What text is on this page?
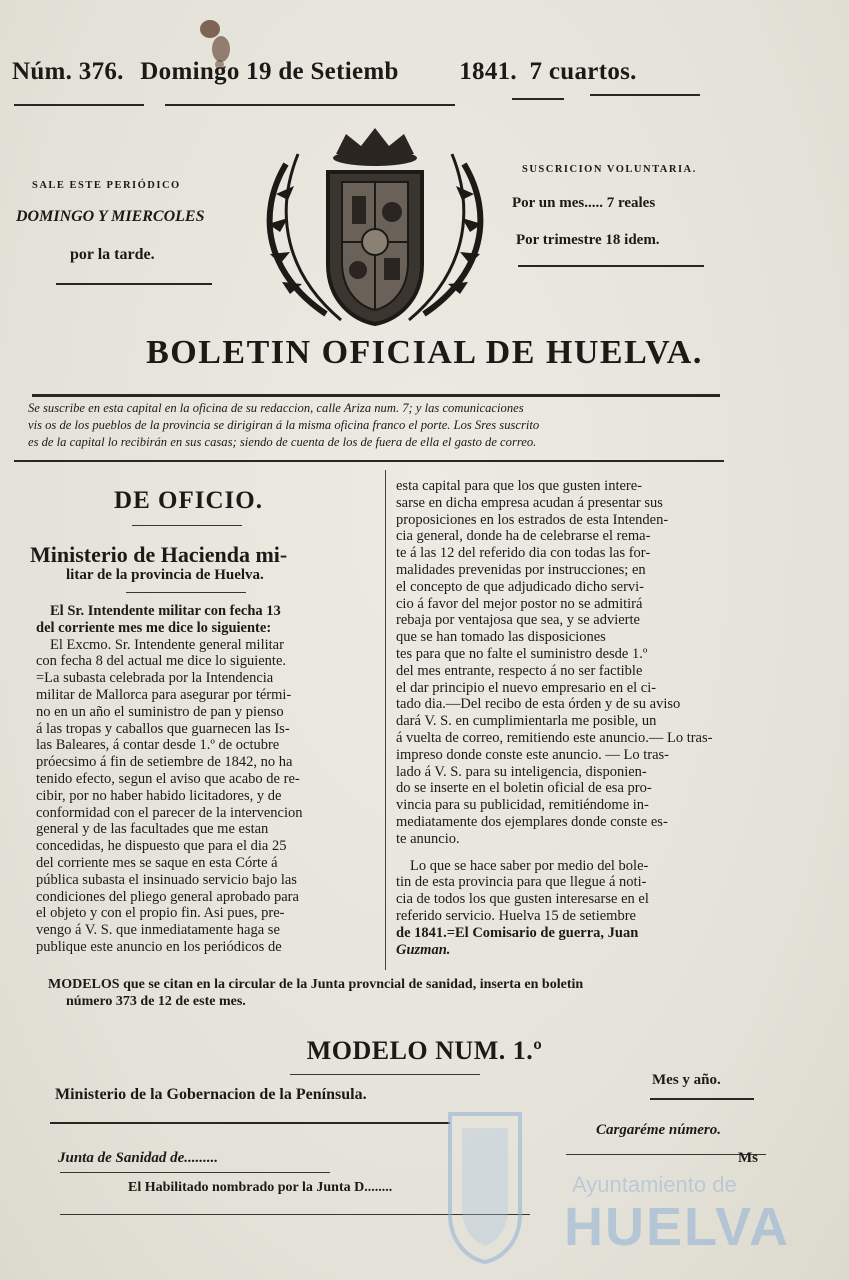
Núm. 376. Domingo 19 de Setiemb 1841. 7 cuartos.
SALE ESTE PERIÓDICO
DOMINGO Y MIERCOLES
por la tarde.
SUSCRICION VOLUNTARIA.
Por un mes..... 7 reales
Por trimestre 18 idem.
BOLETIN OFICIAL DE HUELVA.
Se suscribe en esta capital en la oficina de su redaccion, calle Ariza num. 7; y las comunicaciones
vis os de los pueblos de la provincia se dirigiran á la misma oficina franco el porte. Los Sres suscrito
es de la capital lo recibirán en sus casas; siendo de cuenta de los de fuera de ella el gasto de correo.
DE OFICIO.
Ministerio de Hacienda mi-
litar de la provincia de Huelva.
El Sr. Intendente militar con fecha 13
del corriente mes me dice lo siguiente:
El Excmo. Sr. Intendente general militar
con fecha 8 del actual me dice lo siguiente.
=La subasta celebrada por la Intendencia
militar de Mallorca para asegurar por térmi-
no en un año el suministro de pan y pienso
á las tropas y caballos que guarnecen las Is-
las Baleares, á contar desde 1.º de octubre
próecsimo á fin de setiembre de 1842, no ha
tenido efecto, segun el aviso que acabo de re-
cibir, por no haber habido licitadores, y de
conformidad con el parecer de la intervencion
general y de las facultades que me estan
concedidas, he dispuesto que para el dia 25
del corriente mes se saque en esta Córte á
pública subasta el insinuado servicio bajo las
condiciones del pliego general aprobado para
el objeto y con el propio fin. Asi pues, pre-
vengo á V. S. que inmediatamente haga se
publique este anuncio en los periódicos de
esta capital para que los que gusten intere-
sarse en dicha empresa acudan á presentar sus
proposiciones en los estrados de esta Intenden-
cia general, donde ha de celebrarse el rema-
te á las 12 del referido dia con todas las for-
malidades prevenidas por instrucciones; en
el concepto de que adjudicado dicho servi-
cio á favor del mejor postor no se admitirá
rebaja por ventajosa que sea, y se advierte
que se han tomado las disposiciones
tes para que no falte el suministro desde 1.º
del mes entrante, respecto á no ser factible
el dar principio el nuevo empresario en el ci-
tado dia.—Del recibo de esta órden y de su aviso
dará V. S. en cumplimientarla me posible, un
á vuelta de correo, remitiendo este anuncio.— Lo tras-
impreso donde conste este anuncio. — Lo tras-
lado á V. S. para su inteligencia, disponien-
do se inserte en el boletin oficial de esa pro-
vincia para su publicidad, remitiéndome in-
mediatamente dos ejemplares donde conste es-
te anuncio.
Lo que se hace saber por medio del bole-
tin de esta provincia para que llegue á noti-
cia de todos los que gusten interesarse en el
referido servicio. Huelva 15 de setiembre
de 1841.=El Comisario de guerra, Juan
Guzman.
MODELOS que se citan en la circular de la Junta provncial de sanidad, inserta en boletin
número 373 de 12 de este mes.
MODELO NUM. 1.º
Mes y año.
Ministerio de la Gobernacion de la Península.
Cargaréme número.
Junta de Sanidad de.........	Ms
El Habilitado nombrado por la Junta D........	Ayuntamiento de
HUELVA
